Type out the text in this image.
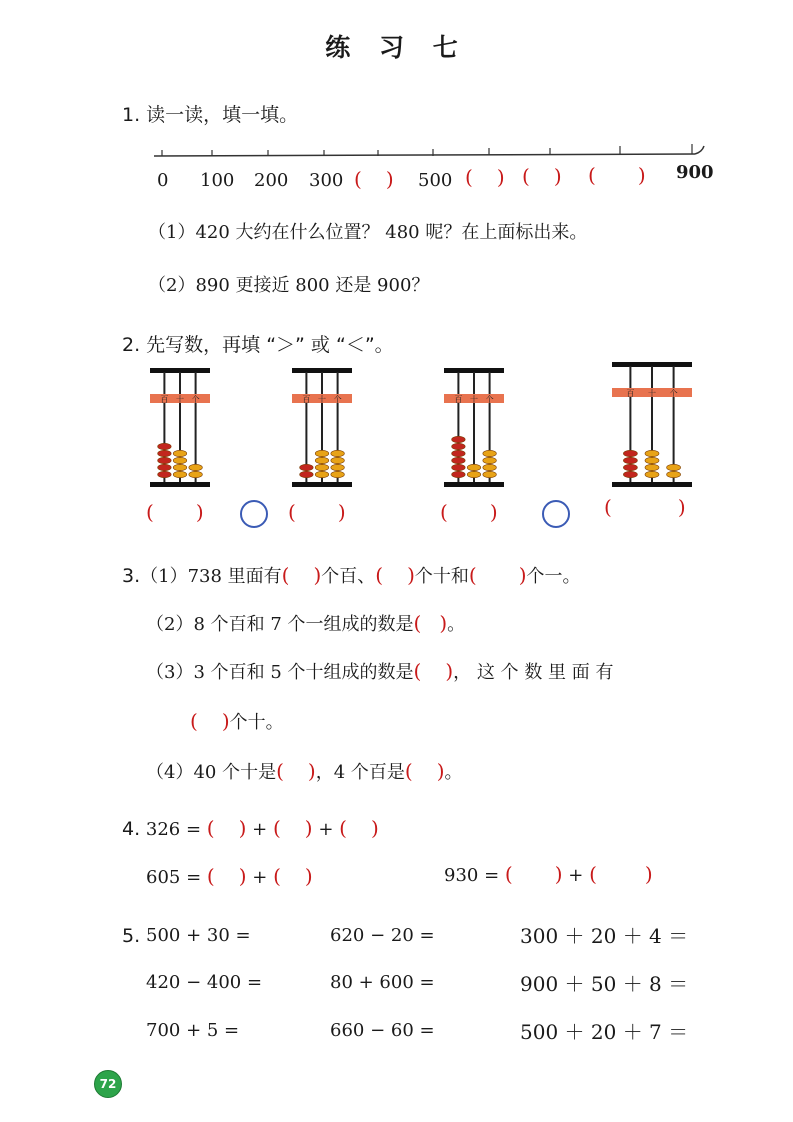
练 习 七
1. 读一读，填一填。
0 100 200 300 ( ) 500 ( ) ( ) ( ) 900
（1）420 大约在什么位置？ 480 呢？在上面标出来。
（2）890 更接近 800 还是 900？
2. 先写数，再填 “＞” 或 “＜”。
百 十 个	百 十 个	百 十 个
百 十 个
( )	( )	( )	(	)
3.（1）738 里面有( )个百、( )个十和( )个一。
（2）8 个百和 7 个一组成的数是( )。
（3）3 个百和 5 个十组成的数是( )， 这 个 数 里 面 有
( )个十。
（4）40 个十是( )，4 个百是( )。
4. 326 = ( ) + ( ) + ( )
605 = ( ) + ( )	930 = ( ) + ( )
5. 500 + 30 =	620 − 20 =	300 ＋ 20 ＋ 4 ＝
420 − 400 =	80 + 600 =	900 ＋ 50 ＋ 8 ＝
700 + 5 =	660 − 60 =	500 ＋ 20 ＋ 7 ＝
72
